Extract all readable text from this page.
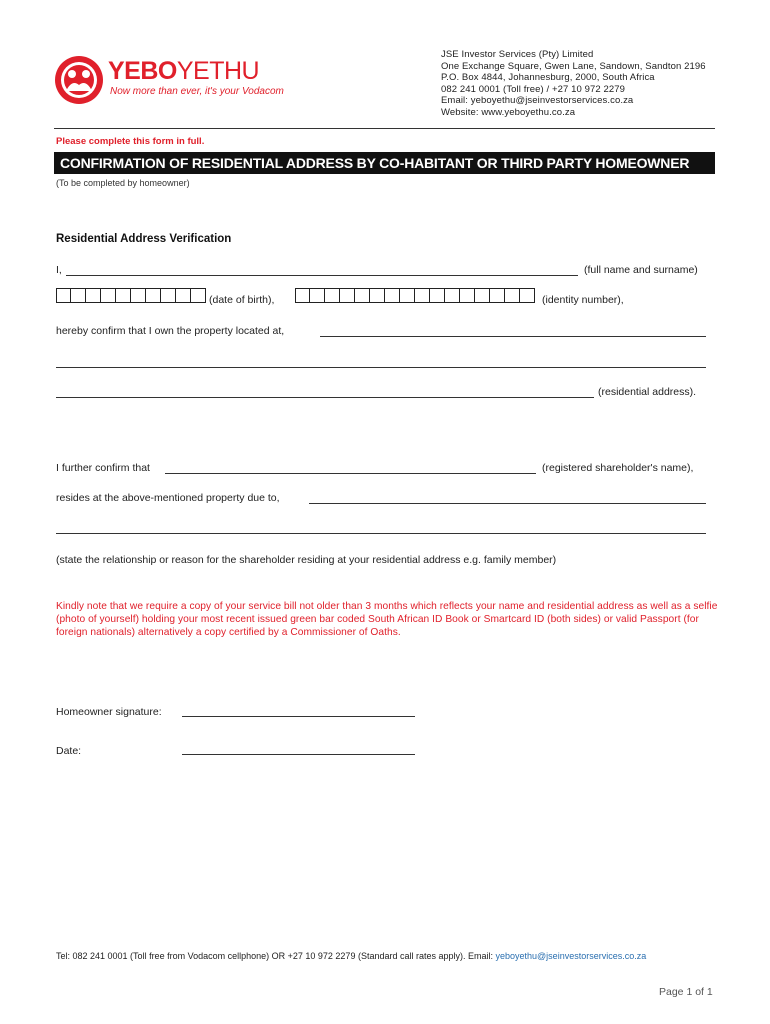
YEBOYETHU
Now more than ever, it's your Vodacom
JSE Investor Services (Pty) Limited
One Exchange Square, Gwen Lane, Sandown, Sandton 2196
P.O. Box 4844, Johannesburg, 2000, South Africa
082 241 0001 (Toll free) / +27 10 972 2279
Email: yeboyethu@jseinvestorservices.co.za
Website: www.yeboyethu.co.za
Please complete this form in full.
CONFIRMATION OF RESIDENTIAL ADDRESS BY CO-HABITANT OR THIRD PARTY HOMEOWNER
(To be completed by homeowner)
Residential Address Verification
I,	(full name and surname)
(date of birth),	(identity number),
hereby confirm that I own the property located at,
(residential address).
I further confirm that	(registered shareholder's name),
resides at the above-mentioned property due to,
(state the relationship or reason for the shareholder residing at your residential address e.g. family member)
Kindly note that we require a copy of your service bill not older than 3 months which reflects your name and residential address as well as a selfie (photo of yourself) holding your most recent issued green bar coded South African ID Book or Smartcard ID (both sides) or valid Passport (for foreign nationals) alternatively a copy certified by a Commissioner of Oaths.
Homeowner signature:
Date:
Tel: 082 241 0001 (Toll free from Vodacom cellphone) OR +27 10 972 2279 (Standard call rates apply). Email: yeboyethu@jseinvestorservices.co.za
Page 1 of 1
